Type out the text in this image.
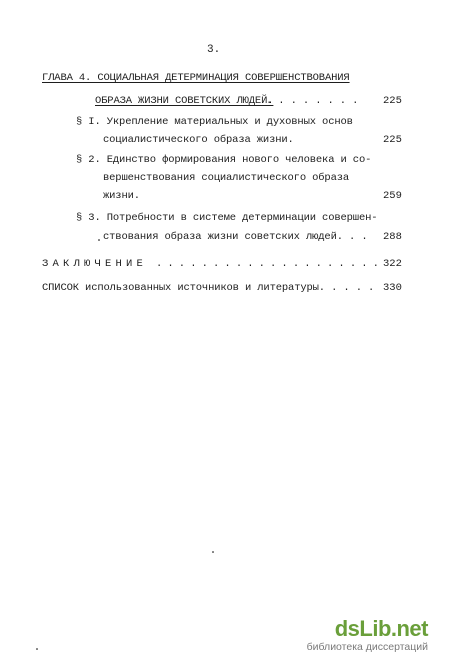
3.
ГЛАВА 4. СОЦИАЛЬНАЯ ДЕТЕРМИНАЦИЯ СОВЕРШЕНСТВОВАНИЯ
ОБРАЗА ЖИЗНИ СОВЕТСКИХ ЛЮДЕЙ.
. . . . . . . . 225
§ I. Укрепление материальных и духовных основ
социалистического образа жизни.	225
§ 2. Единство формирования нового человека и со-
вершенствования социалистического образа
жизни.	259
§ 3. Потребности в системе детерминации совершен-
ствования образа жизни советских людей. . . 288
ЗАКЛЮЧЕНИЕ . . . . . . . . . . . . . . . . . . . . 322
СПИСОК использованных источников и литературы. . . . . 330
dsLib.net
библиотека диссертаций
